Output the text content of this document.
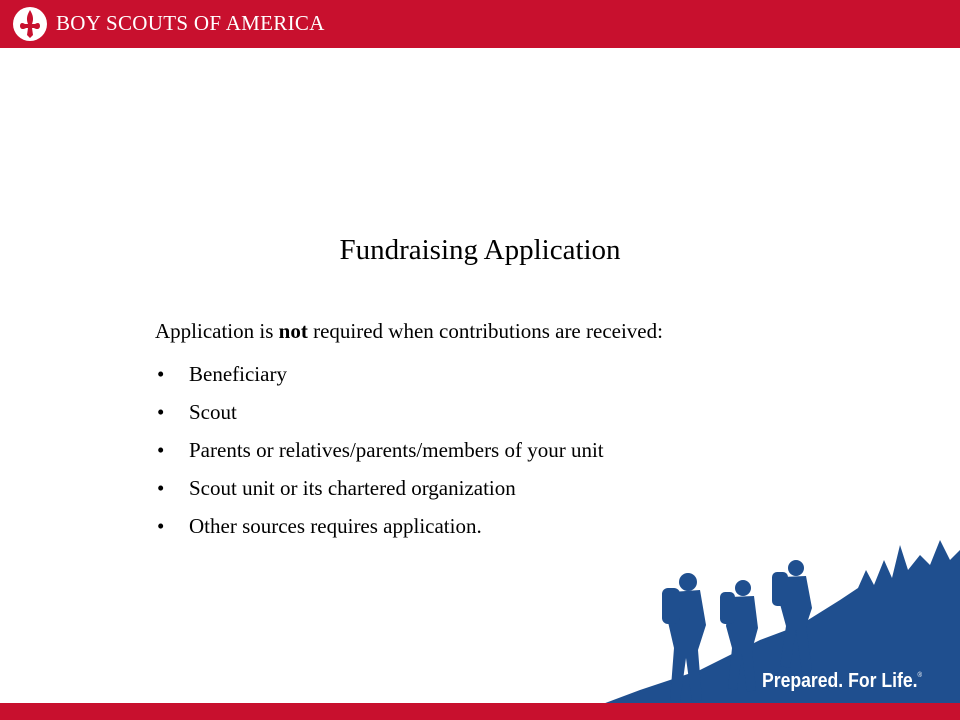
BOY SCOUTS OF AMERICA
Fundraising Application
Application is not required when contributions are received:
• Beneficiary
• Scout
• Parents or relatives/parents/members of your unit
• Scout unit or its chartered organization
• Other sources requires application.
Prepared. For Life.®
